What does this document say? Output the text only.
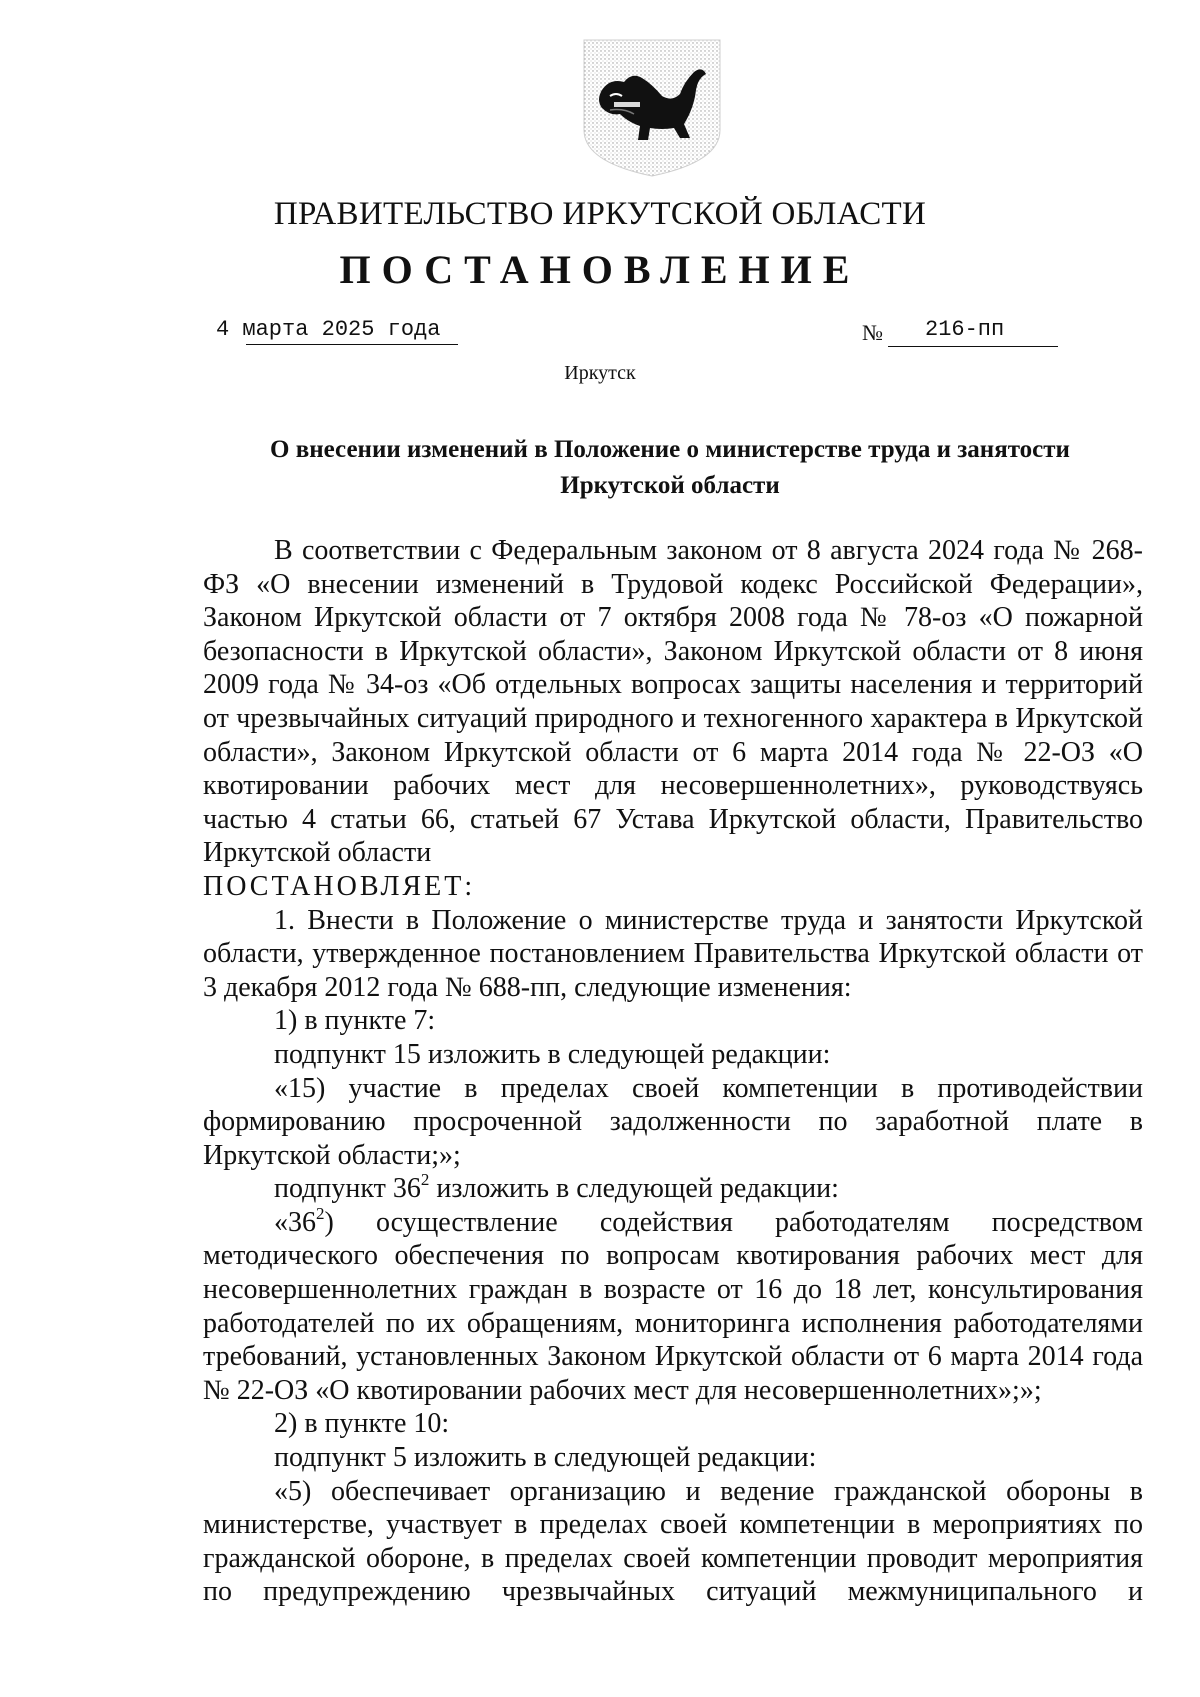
ПРАВИТЕЛЬСТВО ИРКУТСКОЙ ОБЛАСТИ
ПОСТАНОВЛЕНИЕ
4 марта 2025 года	№ 216-пп
Иркутск
О внесении изменений в Положение о министерстве труда и занятости
Иркутской области

В соответствии с Федеральным законом от 8 августа 2024 года № 268-ФЗ «О внесении изменений в Трудовой кодекс Российской Федерации», Законом Иркутской области от 7 октября 2008 года № 78-оз «О пожарной безопасности в Иркутской области», Законом Иркутской области от 8 июня 2009 года № 34-оз «Об отдельных вопросах защиты населения и территорий от чрезвычайных ситуаций природного и техногенного характера в Иркутской области», Законом Иркутской области от 6 марта 2014 года № 22-ОЗ «О квотировании рабочих мест для несовершеннолетних», руководствуясь частью 4 статьи 66, статьей 67 Устава Иркутской области, Правительство Иркутской области

ПОСТАНОВЛЯЕТ:

1. Внести в Положение о министерстве труда и занятости Иркутской области, утвержденное постановлением Правительства Иркутской области от 3 декабря 2012 года № 688-пп, следующие изменения:

1) в пункте 7:

подпункт 15 изложить в следующей редакции:

«15) участие в пределах своей компетенции в противодействии формированию просроченной задолженности по заработной плате в Иркутской области;»;

подпункт $36^2$ изложить в следующей редакции:

«$36^2$) осуществление содействия работодателям посредством методического обеспечения по вопросам квотирования рабочих мест для несовершеннолетних граждан в возрасте от 16 до 18 лет, консультирования работодателей по их обращениям, мониторинга исполнения работодателями требований, установленных Законом Иркутской области от 6 марта 2014 года № 22-ОЗ «О квотировании рабочих мест для несовершеннолетних»;»;

2) в пункте 10:

подпункт 5 изложить в следующей редакции:

«5) обеспечивает организацию и ведение гражданской обороны в министерстве, участвует в пределах своей компетенции в мероприятиях по гражданской обороне, в пределах своей компетенции проводит мероприятия по предупреждению чрезвычайных ситуаций межмуниципального и
